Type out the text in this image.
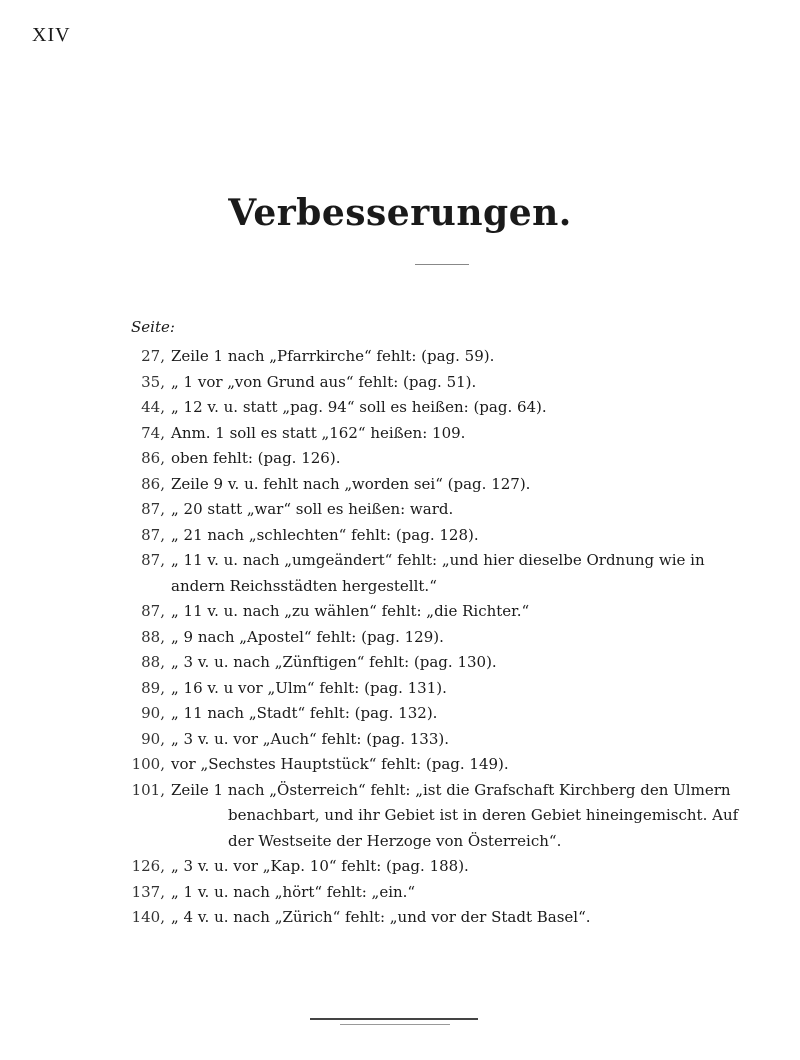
XIV
Verbesserungen.
Seite:
27, Zeile 1 nach „Pfarrkirche“ fehlt: (pag. 59).
35, „ 1 vor „von Grund aus“ fehlt: (pag. 51).
44, „ 12 v. u. statt „pag. 94“ soll es heißen: (pag. 64).
74, Anm. 1 soll es statt „162“ heißen: 109.
86, oben fehlt: (pag. 126).
86, Zeile 9 v. u. fehlt nach „worden sei“ (pag. 127).
87, „ 20 statt „war“ soll es heißen: ward.
87, „ 21 nach „schlechten“ fehlt: (pag. 128).
87, „ 11 v. u. nach „umgeändert“ fehlt: „und hier dieselbe Ordnung wie in
andern Reichsstädten hergestellt.“
87, „ 11 v. u. nach „zu wählen“ fehlt: „die Richter.“
88, „ 9 nach „Apostel“ fehlt: (pag. 129).
88, „ 3 v. u. nach „Zünftigen“ fehlt: (pag. 130).
89, „ 16 v. u vor „Ulm“ fehlt: (pag. 131).
90, „ 11 nach „Stadt“ fehlt: (pag. 132).
90, „ 3 v. u. vor „Auch“ fehlt: (pag. 133).
100, vor „Sechstes Hauptstück“ fehlt: (pag. 149).
101, Zeile 1 nach „Österreich“ fehlt: „ist die Grafschaft Kirchberg den Ulmern
benachbart, und ihr Gebiet ist in deren Gebiet hineingemischt. Auf
der Westseite der Herzoge von Österreich“.
126, „ 3 v. u. vor „Kap. 10“ fehlt: (pag. 188).
137, „ 1 v. u. nach „hört“ fehlt: „ein.“
140, „ 4 v. u. nach „Zürich“ fehlt: „und vor der Stadt Basel“.
